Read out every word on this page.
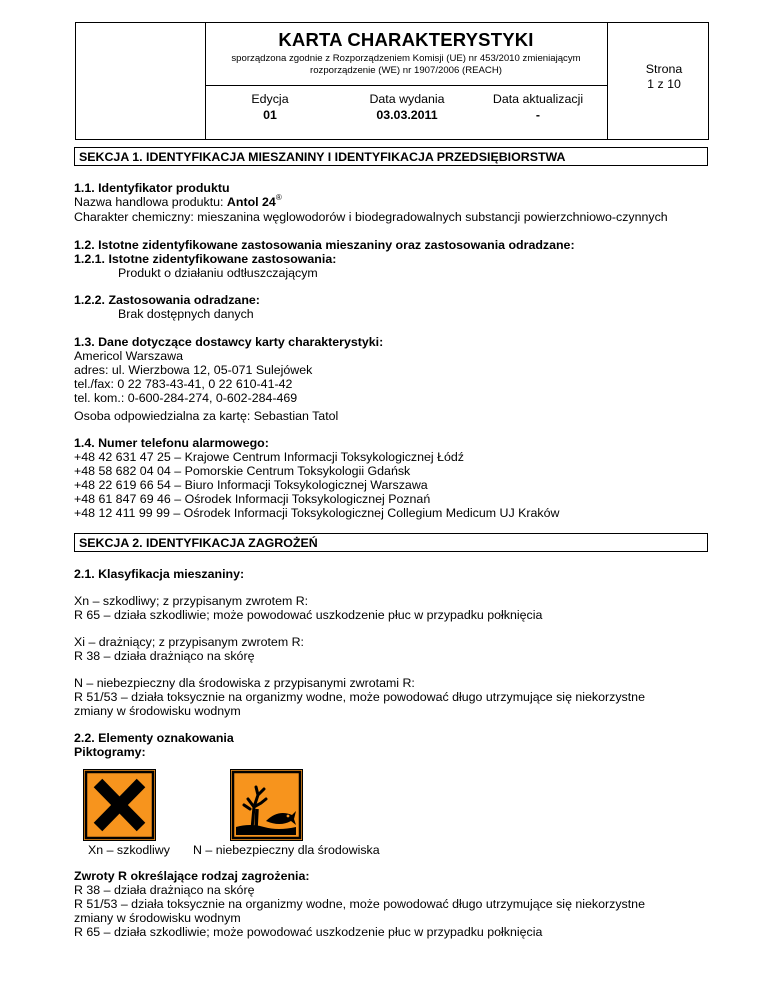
KARTA CHARAKTERYSTYKI
sporządzona zgodnie z Rozporządzeniem Komisji (UE) nr 453/2010 zmieniającym
rozporządzenie (WE) nr 1907/2006 (REACH)
Edycja
01
Data wydania
03.03.2011
Data aktualizacji
-
Strona
1 z 10
SEKCJA 1. IDENTYFIKACJA MIESZANINY I IDENTYFIKACJA PRZEDSIĘBIORSTWA
1.1. Identyfikator produktu
Nazwa handlowa produktu: Antol 24®
Charakter chemiczny: mieszanina węglowodorów i biodegradowalnych substancji powierzchniowo-czynnych
1.2. Istotne zidentyfikowane zastosowania mieszaniny oraz zastosowania odradzane:
1.2.1. Istotne zidentyfikowane zastosowania:
Produkt o działaniu odtłuszczającym
1.2.2. Zastosowania odradzane:
Brak dostępnych danych
1.3. Dane dotyczące dostawcy karty charakterystyki:
Americol Warszawa
adres: ul. Wierzbowa 12, 05-071 Sulejówek
tel./fax: 0 22 783-43-41, 0 22 610-41-42
tel. kom.: 0-600-284-274, 0-602-284-469
Osoba odpowiedzialna za kartę: Sebastian Tatol
1.4. Numer telefonu alarmowego:
+48 42 631 47 25 – Krajowe Centrum Informacji Toksykologicznej Łódź
+48 58 682 04 04 – Pomorskie Centrum Toksykologii Gdańsk
+48 22 619 66 54 – Biuro Informacji Toksykologicznej Warszawa
+48 61 847 69 46 – Ośrodek Informacji Toksykologicznej Poznań
+48 12 411 99 99 – Ośrodek Informacji Toksykologicznej Collegium Medicum UJ Kraków
SEKCJA 2. IDENTYFIKACJA ZAGROŻEŃ
2.1. Klasyfikacja mieszaniny:
Xn – szkodliwy; z przypisanym zwrotem R:
R 65 – działa szkodliwie; może powodować uszkodzenie płuc w przypadku połknięcia
Xi – drażniący; z przypisanym zwrotem R:
R 38 – działa drażniąco na skórę
N – niebezpieczny dla środowiska z przypisanymi zwrotami R:
R 51/53 – działa toksycznie na organizmy wodne, może powodować długo utrzymujące się niekorzystne
zmiany w środowisku wodnym
2.2. Elementy oznakowania
Piktogramy:
Xn – szkodliwy N – niebezpieczny dla środowiska
Zwroty R określające rodzaj zagrożenia:
R 38 – działa drażniąco na skórę
R 51/53 – działa toksycznie na organizmy wodne, może powodować długo utrzymujące się niekorzystne
zmiany w środowisku wodnym
R 65 – działa szkodliwie; może powodować uszkodzenie płuc w przypadku połknięcia
